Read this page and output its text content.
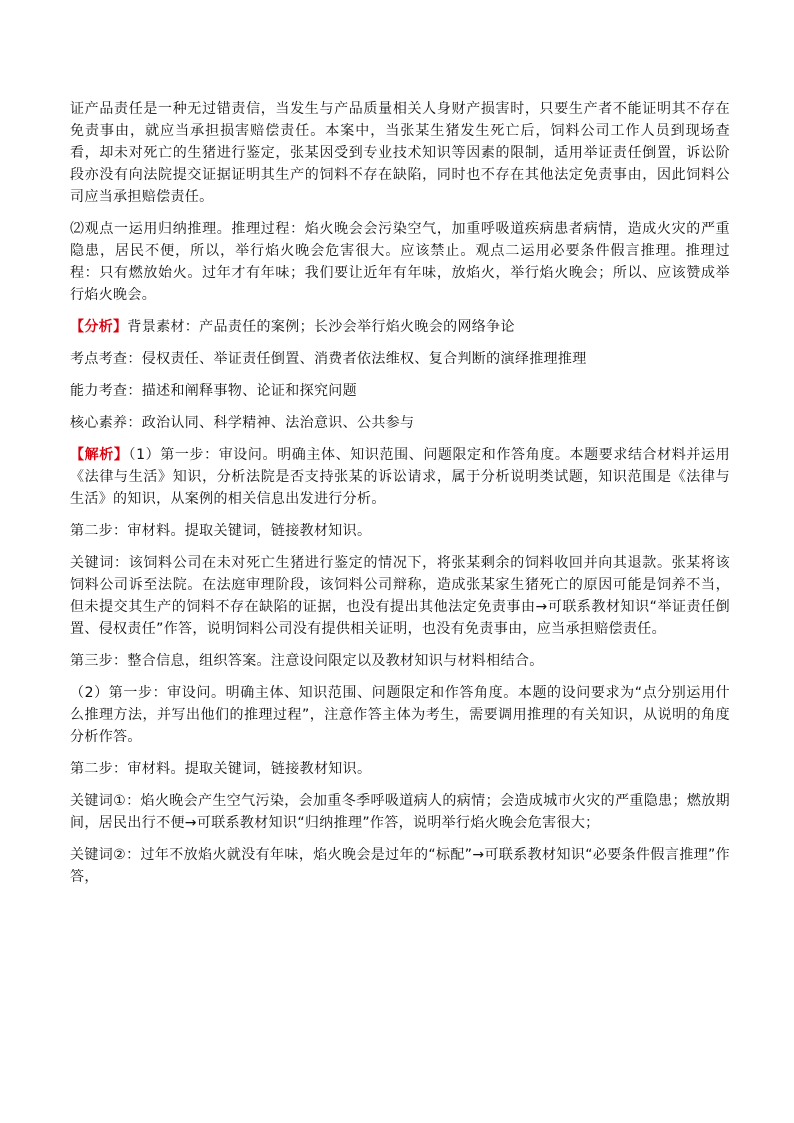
证产品责任是一种无过错责信，当发生与产品质量相关人身财产损害时，只要生产者不能证明其不存在免责事由，就应当承担损害赔偿责任。本案中，当张某生猪发生死亡后，饲料公司工作人员到现场查看，却未对死亡的生猪进行鉴定，张某因受到专业技术知识等因素的限制，适用举证责任倒置，诉讼阶段亦没有向法院提交证据证明其生产的饲料不存在缺陷，同时也不存在其他法定免责事由，因此饲料公司应当承担赔偿责任。

⑵观点一运用归纳推理。推理过程：焰火晚会会污染空气，加重呼吸道疾病患者病情，造成火灾的严重隐患，居民不便，所以，举行焰火晚会危害很大。应该禁止。观点二运用必要条件假言推理。推理过程：只有燃放始火。过年才有年味；我们要让近年有年味，放焰火，举行焰火晚会；所以、应该赞成举行焰火晚会。

【分析】背景素材：产品责任的案例；长沙会举行焰火晚会的网络争论

考点考查：侵权责任、举证责任倒置、消费者依法维权、复合判断的演绎推理推理

能力考查：描述和阐释事物、论证和探究问题

核心素养：政治认同、科学精神、法治意识、公共参与

【解析】（1）第一步：审设问。明确主体、知识范围、问题限定和作答角度。本题要求结合材料并运用《法律与生活》知识，分析法院是否支持张某的诉讼请求，属于分析说明类试题，知识范围是《法律与生活》的知识，从案例的相关信息出发进行分析。

第二步：审材料。提取关键词，链接教材知识。

关键词：该饲料公司在未对死亡生猪进行鉴定的情况下，将张某剩余的饲料收回并向其退款。张某将该饲料公司诉至法院。在法庭审理阶段，该饲料公司辩称，造成张某家生猪死亡的原因可能是饲养不当，但未提交其生产的饲料不存在缺陷的证据，也没有提出其他法定免责事由→可联系教材知识“举证责任倒置、侵权责任”作答，说明饲料公司没有提供相关证明，也没有免责事由，应当承担赔偿责任。

第三步：整合信息，组织答案。注意设问限定以及教材知识与材料相结合。

（2）第一步：审设问。明确主体、知识范围、问题限定和作答角度。本题的设问要求为“点分别运用什么推理方法，并写出他们的推理过程”，注意作答主体为考生，需要调用推理的有关知识，从说明的角度分析作答。

第二步：审材料。提取关键词，链接教材知识。

关键词①：焰火晚会产生空气污染，会加重冬季呼吸道病人的病情；会造成城市火灾的严重隐患；燃放期间，居民出行不便→可联系教材知识“归纳推理”作答，说明举行焰火晚会危害很大；

关键词②：过年不放焰火就没有年味，焰火晚会是过年的“标配”→可联系教材知识“必要条件假言推理”作答，
